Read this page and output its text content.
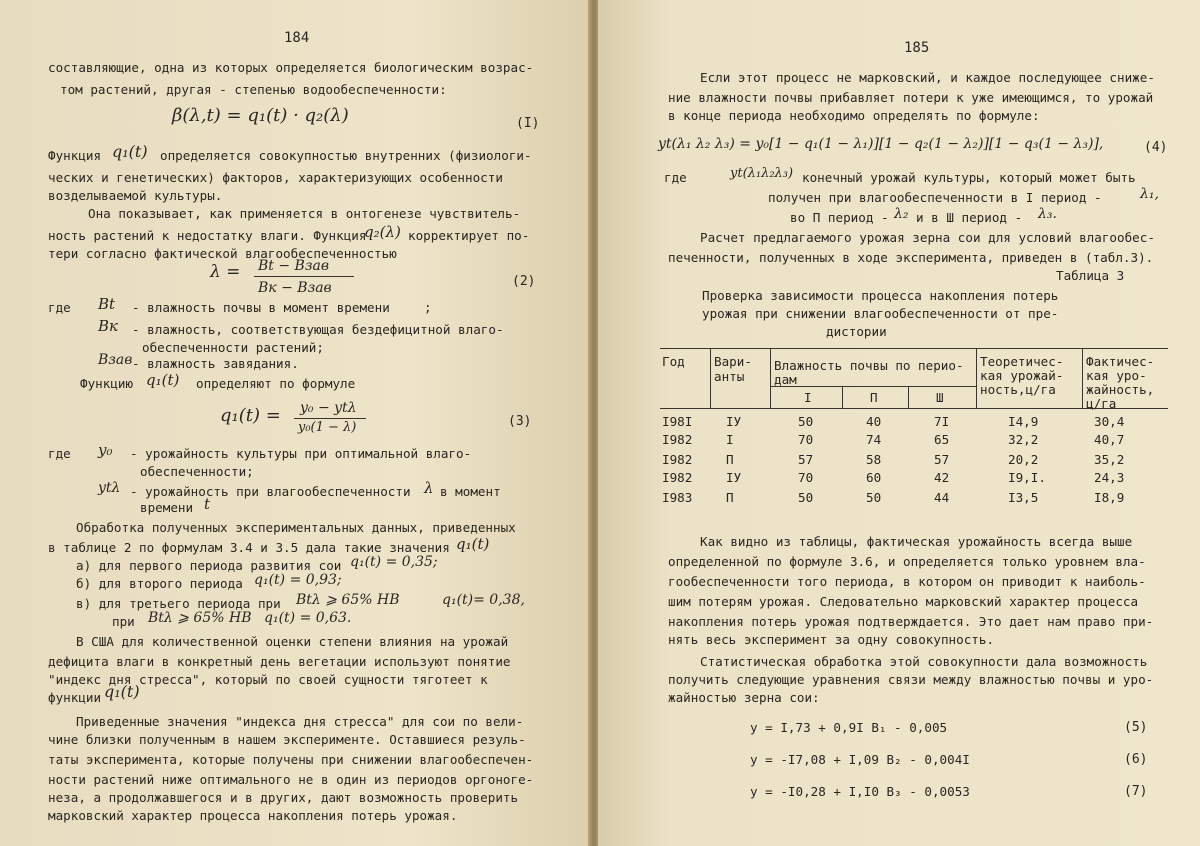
184
составляющие, одна из которых определяется биологическим возрас-
том растений, другая - степенью водообеспеченности:
β(λ,t) = q₁(t) · q₂(λ)	(I)
Функция q₁(t) определяется совокупностью внутренних (физиологи-
ческих и генетических) факторов, характеризующих особенности
возделываемой культуры.
Она показывает, как применяется в онтогенезе чувствитель-
ность растений к недостатку влаги. Функция
q₂(λ) корректирует по-
тери согласно фактической влагообеспеченностью
λ = Bt − Bзав
Bк − Bзав	(2)
где Bt - влажность почвы в момент времени	;
Bк - влажность, соответствующая бездефицитной влаго-
обеспеченности растений;
Bзав - влажность завядания.
Функцию q₁(t) определяют по формуле
q₁(t) = y₀ − ytλ
y₀(1 − λ)	(3)
где y₀ - урожайность культуры при оптимальной влаго-
обеспеченности;
ytλ - урожайность при влагообеспеченности λ в момент
времени t
Обработка полученных экспериментальных данных, приведенных
в таблице 2 по формулам 3.4 и 3.5 дала такие значения q₁(t)
а) для первого периода развития сои q₁(t) = 0,35;
б) для второго периода q₁(t) = 0,93;
в) для третьего периода при Btλ ⩾ 65% HB	q₁(t)= 0,38,
при Btλ ⩾ 65% HB q₁(t) = 0,63.
В США для количественной оценки степени влияния на урожай
дефицита влаги в конкретный день вегетации используют понятие
"индекс дня стресса", который по своей сущности тяготеет к
функции q₁(t)
Приведенные значения "индекса дня стресса" для сои по вели-
чине близки полученным в нашем эксперименте. Оставшиеся резуль-
таты эксперимента, которые получены при снижении влагообеспечен-
ности растений ниже оптимального не в один из периодов оргоноге-
неза, а продолжавшегося и в других, дают возможность проверить
марковский характер процесса накопления потерь урожая.
185
Если этот процесс не марковский, и каждое последующее сниже-
ние влажности почвы прибавляет потери к уже имеющимся, то урожай
в конце периода необходимо определять по формуле:
yt(λ₁ λ₂ λ₃) = y₀[1 − q₁(1 − λ₁)][1 − q₂(1 − λ₂)][1 − q₃(1 − λ₃)],	(4)
где	yt(λ₁λ₂λ₃) конечный урожай культуры, который может быть
получен при влагообеспеченности в I период -	λ₁,
во П период - λ₂ и в Ш период - λ₃.
Расчет предлагаемого урожая зерна сои для условий влагообес-
печенности, полученных в ходе эксперимента, приведен в (табл.3).
Таблица 3
Проверка зависимости процесса накопления потерь
урожая при снижении влагообеспеченности от пре-
дистории
Год Вари-
анты
Влажность почвы по перио-
дам
I	П	Ш
Теоретичес-
кая урожай-
ность,ц/га
Фактичес-
кая уро-
жайность,
ц/га
I98I	IУ	50	40	7I	I4,9	30,4
I982	I	70	74	65	32,2	40,7
I982	П	57	58	57	20,2	35,2
I982	IУ	70	60	42	I9,I.	24,3
I983	П	50	50	44	I3,5	I8,9
Как видно из таблицы, фактическая урожайность всегда выше
определенной по формуле 3.6, и определяется только уровнем вла-
гообеспеченности того периода, в котором он приводит к наиболь-
шим потерям урожая. Следовательно марковский характер процесса
накопления потерь урожая подтверждается. Это дает нам право при-
нять весь эксперимент за одну совокупность.
Статистическая обработка этой совокупности дала возможность
получить следующие уравнения связи между влажностью почвы и уро-
жайностью зерна сои:
y = I,73 + 0,9I B₁ - 0,005	(5)
y = -I7,08 + I,09 B₂ - 0,004I	(6)
y = -I0,28 + I,I0 B₃ - 0,0053	(7)
